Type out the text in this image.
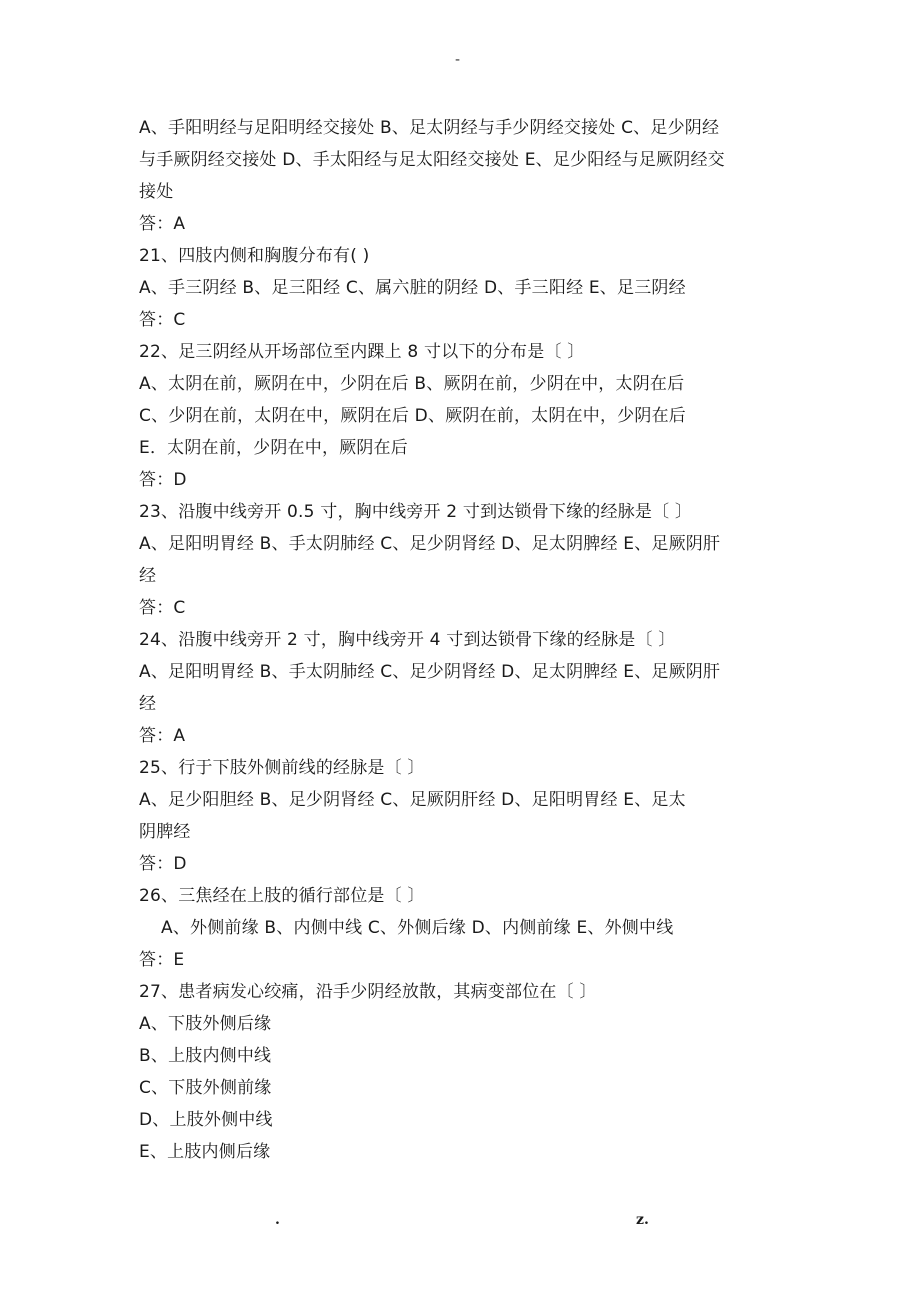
-
A、手阳明经与足阳明经交接处 B、足太阴经与手少阴经交接处 C、足少阴经
与手厥阴经交接处 D、手太阳经与足太阳经交接处 E、足少阳经与足厥阴经交
接处
答：A
21、四肢内侧和胸腹分布有( )
A、手三阴经 B、足三阳经 C、属六脏的阴经 D、手三阳经 E、足三阴经
答：C
22、足三阴经从开场部位至内踝上 8 寸以下的分布是〔 〕
A、太阴在前，厥阴在中，少阴在后 B、厥阴在前，少阴在中，太阴在后
C、少阴在前，太阴在中，厥阴在后 D、厥阴在前，太阴在中，少阴在后
E．太阴在前，少阴在中，厥阴在后
答：D
23、沿腹中线旁开 0.5 寸，胸中线旁开 2 寸到达锁骨下缘的经脉是〔 〕
A、足阳明胃经 B、手太阴肺经 C、足少阴肾经 D、足太阴脾经 E、足厥阴肝
经
答：C
24、沿腹中线旁开 2 寸，胸中线旁开 4 寸到达锁骨下缘的经脉是〔 〕
A、足阳明胃经 B、手太阴肺经 C、足少阴肾经 D、足太阴脾经 E、足厥阴肝
经
答：A
25、行于下肢外侧前线的经脉是〔 〕
A、足少阳胆经 B、足少阴肾经 C、足厥阴肝经 D、足阳明胃经 E、足太
阴脾经
答：D
26、三焦经在上肢的循行部位是〔 〕
A、外侧前缘 B、内侧中线 C、外侧后缘 D、内侧前缘 E、外侧中线
答：E
27、患者病发心绞痛，沿手少阴经放散，其病变部位在〔 〕
A、下肢外侧后缘
B、上肢内侧中线
C、下肢外侧前缘
D、上肢外侧中线
E、上肢内侧后缘
.	z.
